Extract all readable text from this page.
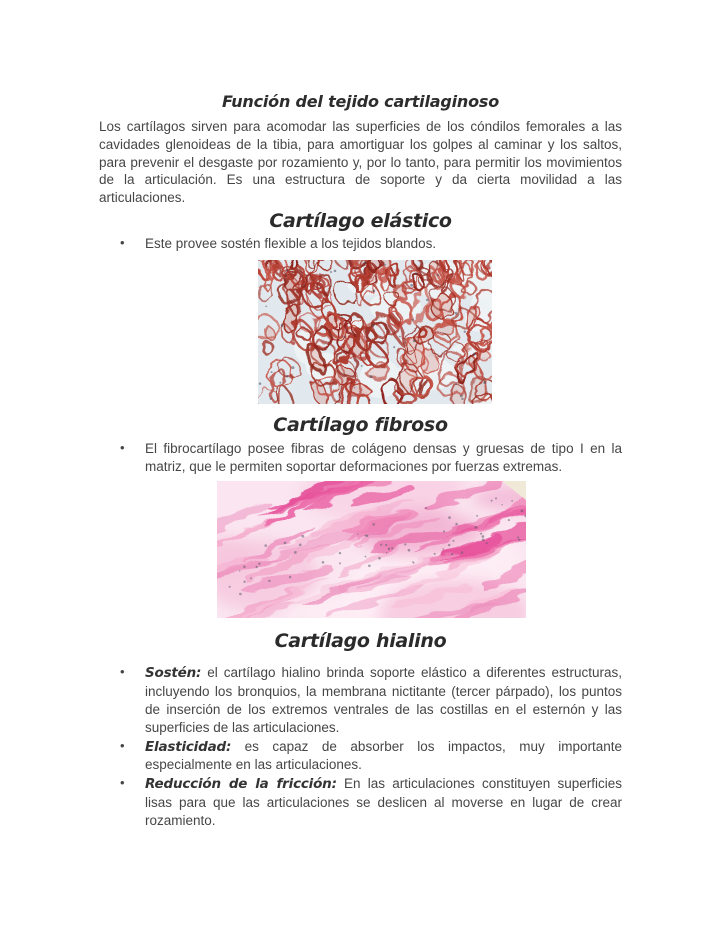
Función del tejido cartilaginoso

Los cartílagos sirven para acomodar las superficies de los cóndilos femorales a las cavidades glenoideas de la tibia, para amortiguar los golpes al caminar y los saltos, para prevenir el desgaste por rozamiento y, por lo tanto, para permitir los movimientos de la articulación. Es una estructura de soporte y da cierta movilidad a las articulaciones.

Cartílago elástico
• Este provee sostén flexible a los tejidos blandos.
Cartílago fibroso
• El fibrocartílago posee fibras de colágeno densas y gruesas de tipo I en la matriz, que le permiten soportar deformaciones por fuerzas extremas.
Cartílago hialino
• Sostén: el cartílago hialino brinda soporte elástico a diferentes estructuras, incluyendo los bronquios, la membrana nictitante (tercer párpado), los puntos de inserción de los extremos ventrales de las costillas en el esternón y las superficies de las articulaciones.
• Elasticidad: es capaz de absorber los impactos, muy importante especialmente en las articulaciones.
• Reducción de la fricción: En las articulaciones constituyen superficies lisas para que las articulaciones se deslicen al moverse en lugar de crear rozamiento.
